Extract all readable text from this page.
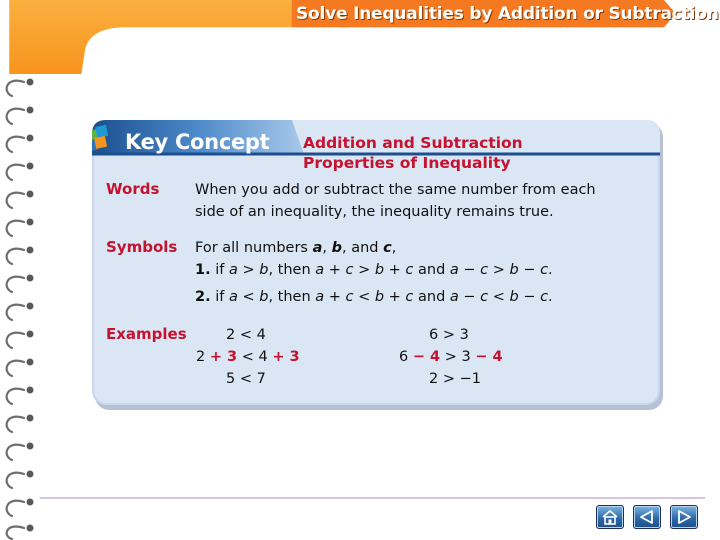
Solve Inequalities by Addition or Subtraction
Key Concept Addition and Subtraction
Properties of Inequality
Words When you add or subtract the same number from each
side of an inequality, the inequality remains true.
Symbols For all numbers a, b, and c,
1. if a > b, then a + c > b + c and a − c > b − c.
2. if a < b, then a + c < b + c and a − c < b − c.
Examples	2 < 4
2 + 3 < 4 + 3
5 < 7
6 > 3
6 − 4 > 3 − 4
2 > −1
